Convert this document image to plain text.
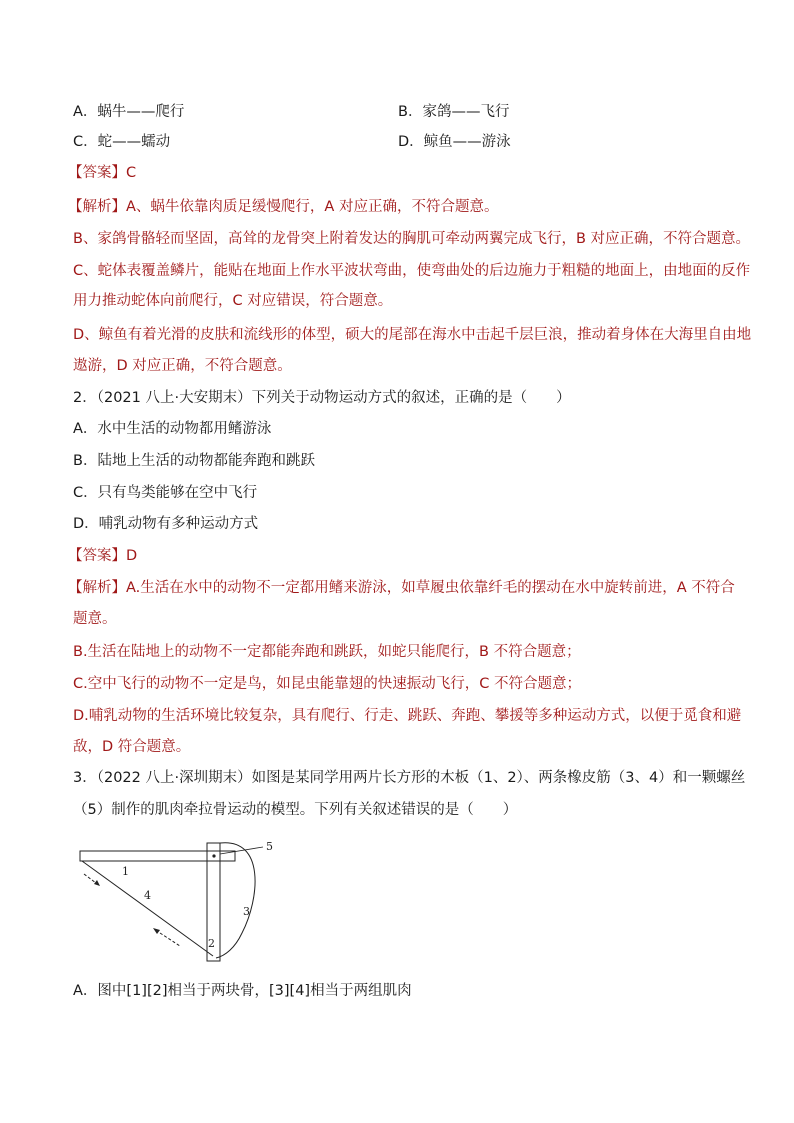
A．蜗牛——爬行	B．家鸽——飞行
C．蛇——蠕动	D．鲸鱼——游泳
【答案】C
【解析】A、蜗牛依靠肉质足缓慢爬行，A 对应正确，不符合题意。
B、家鸽骨骼轻而坚固，高耸的龙骨突上附着发达的胸肌可牵动两翼完成飞行，B 对应正确，不符合题意。
C、蛇体表覆盖鳞片，能贴在地面上作水平波状弯曲，使弯曲处的后边施力于粗糙的地面上，由地面的反作
用力推动蛇体向前爬行，C 对应错误，符合题意。
D、鲸鱼有着光滑的皮肤和流线形的体型，硕大的尾部在海水中击起千层巨浪，推动着身体在大海里自由地
遨游，D 对应正确，不符合题意。
2．（2021 八上·大安期末）下列关于动物运动方式的叙述，正确的是（　　）
A．水中生活的动物都用鳍游泳
B．陆地上生活的动物都能奔跑和跳跃
C．只有鸟类能够在空中飞行
D．哺乳动物有多种运动方式
【答案】D
【解析】A.生活在水中的动物不一定都用鳍来游泳，如草履虫依靠纤毛的摆动在水中旋转前进，A 不符合
题意。
B.生活在陆地上的动物不一定都能奔跑和跳跃，如蛇只能爬行，B 不符合题意；
C.空中飞行的动物不一定是鸟，如昆虫能靠翅的快速振动飞行，C 不符合题意；
D.哺乳动物的生活环境比较复杂，具有爬行、行走、跳跃、奔跑、攀援等多种运动方式，以便于觅食和避
敌，D 符合题意。
3．（2022 八上·深圳期末）如图是某同学用两片长方形的木板（1、2）、两条橡皮筋（3、4）和一颗螺丝
（5）制作的肌肉牵拉骨运动的模型。下列有关叙述错误的是（　　）
1
2
3
4
5
A．图中[1][2]相当于两块骨，[3][4]相当于两组肌肉
